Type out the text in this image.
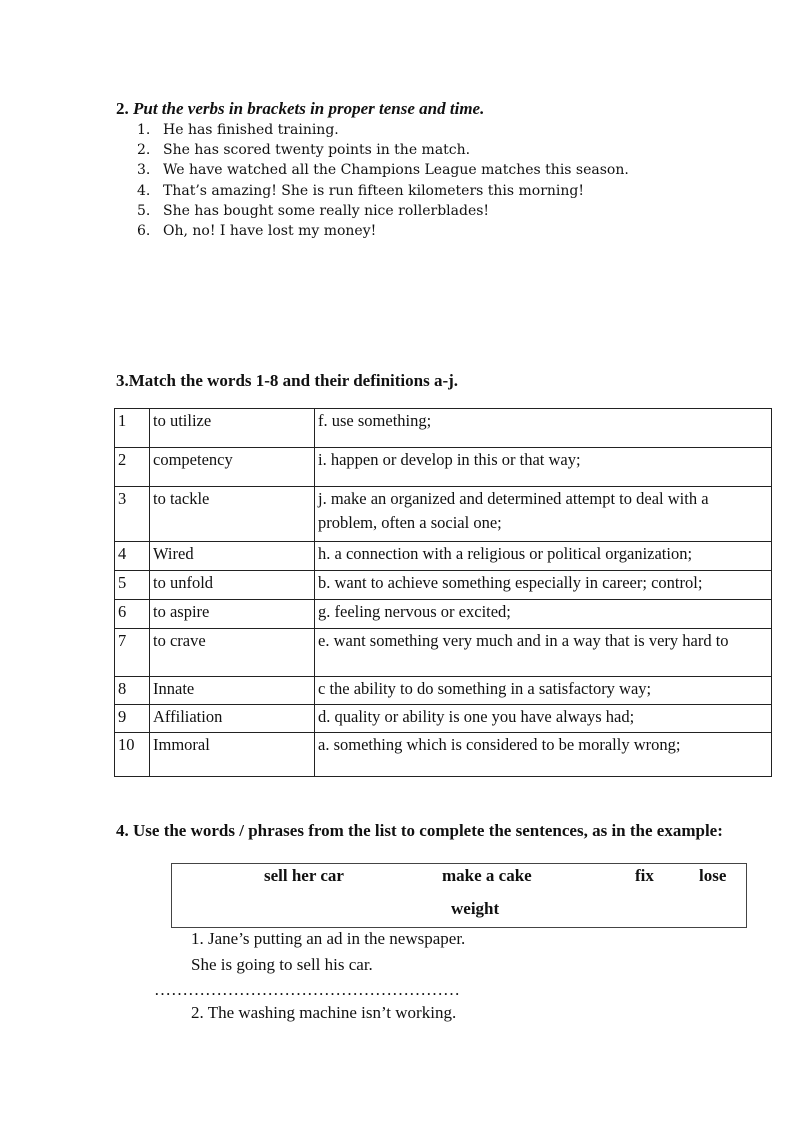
2. Put the verbs in brackets in proper tense and time.
1. He has finished training.
2. She has scored twenty points in the match.
3. We have watched all the Champions League matches this season.
4. That’s amazing! She is run fifteen kilometers this morning!
5. She has bought some really nice rollerblades!
6. Oh, no! I have lost my money!
3.Match the words 1-8 and their definitions a-j.
1	to utilize	f. use something;
2	competency	i. happen or develop in this or that way;
3	to tackle	j. make an organized and determined attempt to deal with a problem, often a social one;
4	Wired	h. a connection with a religious or political organization;
5	to unfold	b. want to achieve something especially in career; control;
6	to aspire	g. feeling nervous or excited;
7	to crave	e. want something very much and in a way that is very hard to
8	Innate	c the ability to do something in a satisfactory way;
9	Affiliation	d. quality or ability is one you have always had;
10	Immoral	a. something which is considered to be morally wrong;
4. Use the words / phrases from the list to complete the sentences, as in the example:
sell her car	make a cake	fix	lose
weight
1. Jane’s putting an ad in the newspaper.
She is going to sell his car.
………………………………………………
2. The washing machine isn’t working.
